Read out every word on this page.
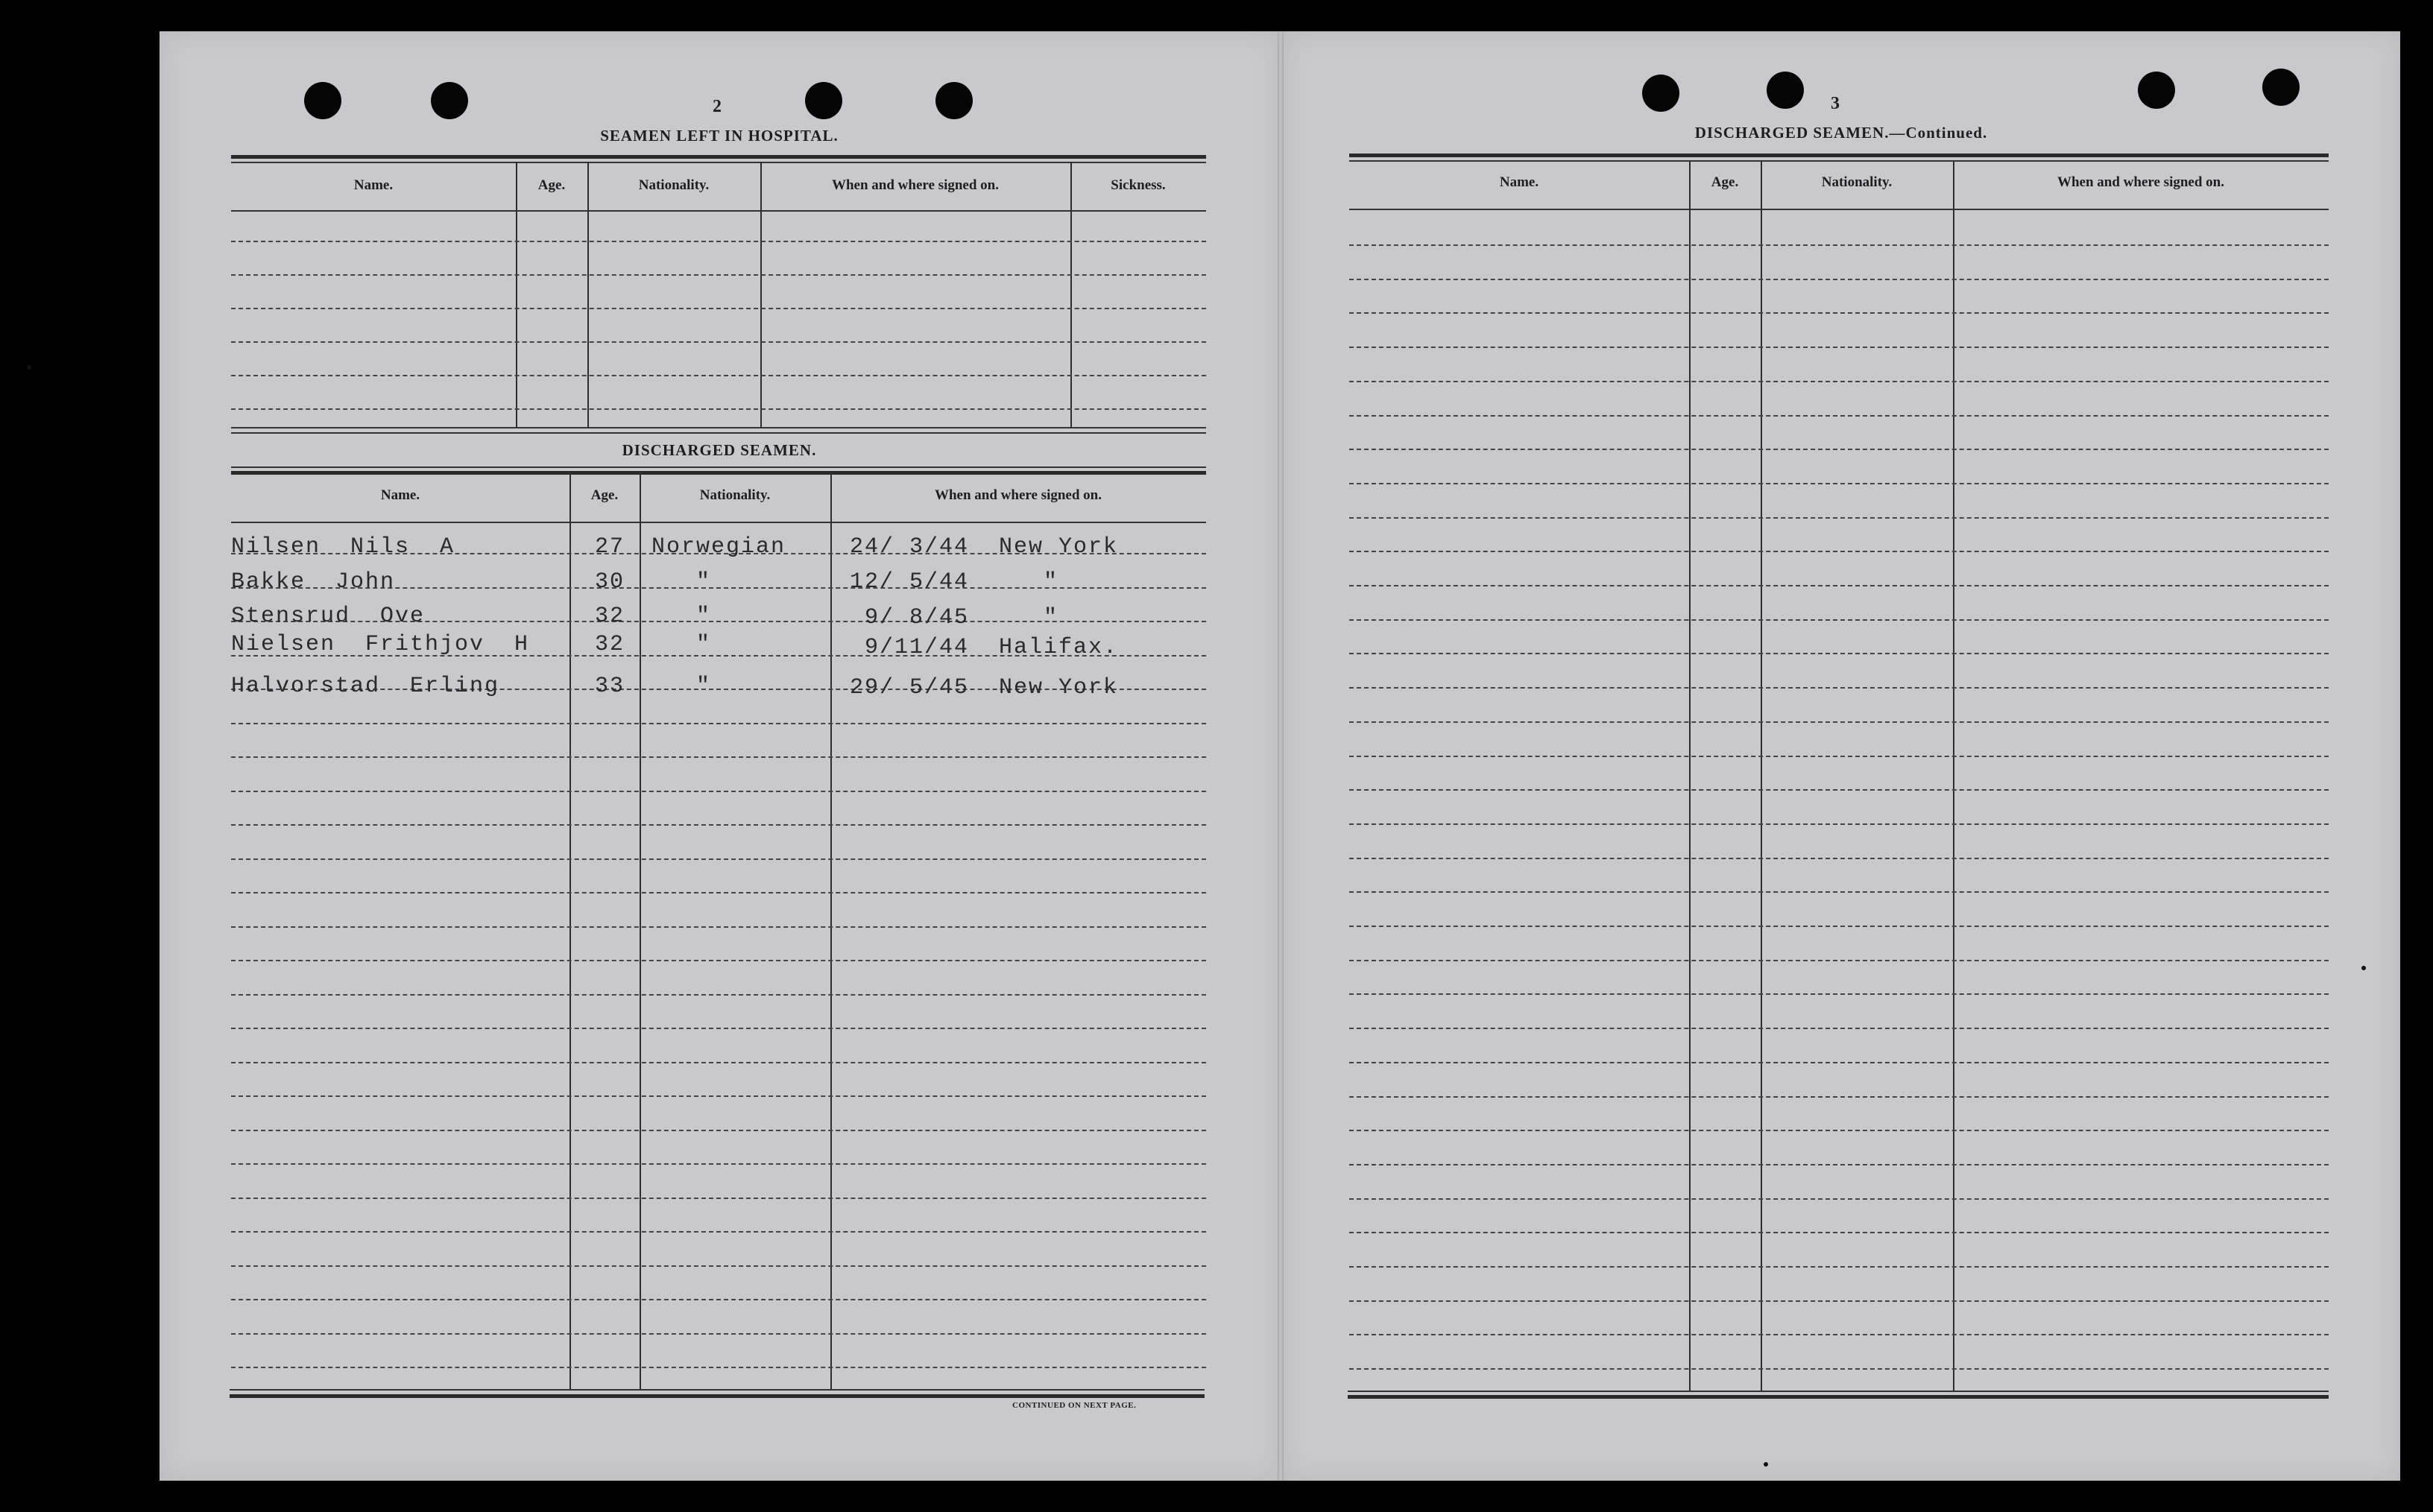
2
SEAMEN LEFT IN HOSPITAL.
Name.	Age.	Nationality.	When and where signed on.	Sickness.
DISCHARGED SEAMEN.
Name.	Age.	Nationality.	When and where signed on.
Nilsen  Nils  A	27 Norwegian	24/ 3/44  New York
Bakke  John	30	"	12/ 5/44     "
Stensrud  Ove	32	"	9/ 8/45     "
Nielsen  Frithjov  H	32	"	9/11/44  Halifax.
Halvorstad  Erling	33	"	29/ 5/45  New York
CONTINUED ON NEXT PAGE.
3
DISCHARGED SEAMEN.—Continued.
Name.	Age.	Nationality.	When and where signed on.
